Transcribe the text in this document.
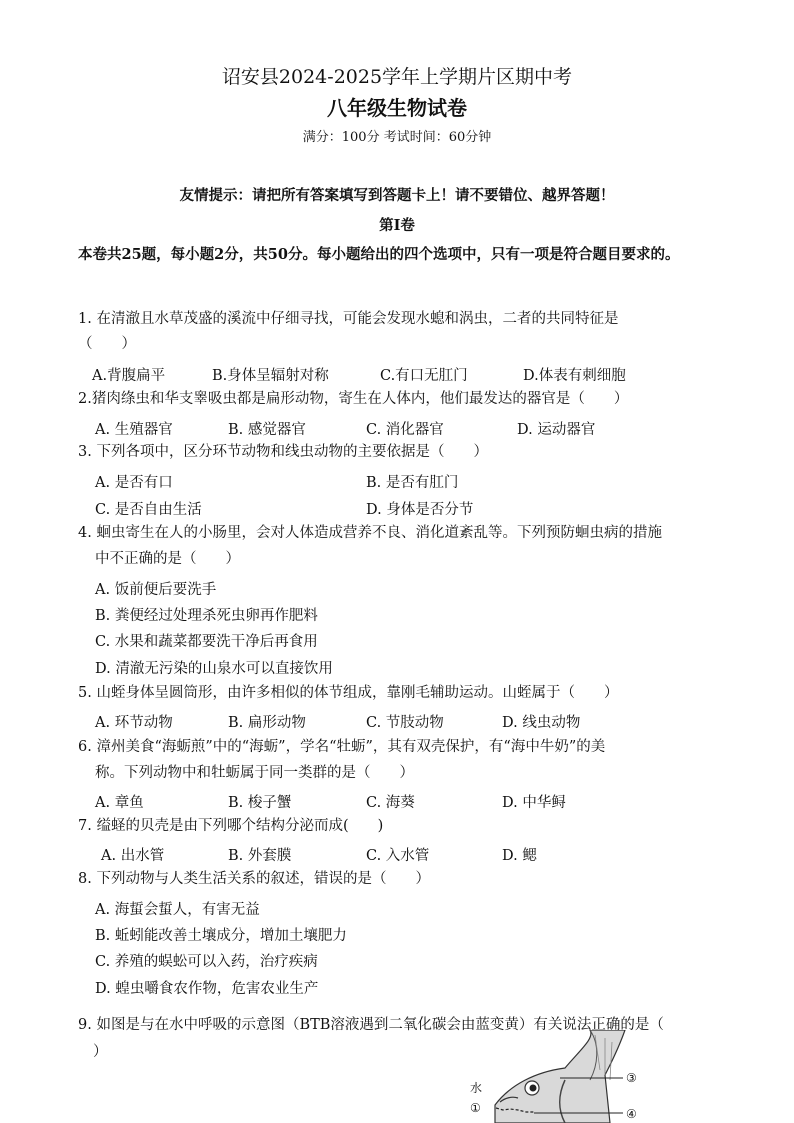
诏安县2024-2025学年上学期片区期中考
八年级生物试卷
满分：100分 考试时间：60分钟
友情提示：请把所有答案填写到答题卡上！请不要错位、越界答题！
第Ⅰ卷
本卷共25题，每小题2分，共50分。每小题给出的四个选项中，只有一项是符合题目要求的。
1. 在清澈且水草茂盛的溪流中仔细寻找，可能会发现水螅和涡虫，二者的共同特征是
（　　）
A.背腹扁平	B.身体呈辐射对称	C.有口无肛门	D.体表有刺细胞
2.猪肉绦虫和华支睾吸虫都是扁形动物，寄生在人体内，他们最发达的器官是（　　）
A. 生殖器官	B. 感觉器官	C. 消化器官	D. 运动器官
3. 下列各项中，区分环节动物和线虫动物的主要依据是（　　）
A. 是否有口	B. 是否有肛门
C. 是否自由生活	D. 身体是否分节
4. 蛔虫寄生在人的小肠里，会对人体造成营养不良、消化道紊乱等。下列预防蛔虫病的措施
中不正确的是（　　）
A. 饭前便后要洗手
B. 粪便经过处理杀死虫卵再作肥料
C. 水果和蔬菜都要洗干净后再食用
D. 清澈无污染的山泉水可以直接饮用
5. 山蛭身体呈圆筒形，由许多相似的体节组成，靠刚毛辅助运动。山蛭属于（　　）
A. 环节动物	B. 扁形动物	C. 节肢动物	D. 线虫动物
6. 漳州美食“海蛎煎”中的“海蛎”，学名“牡蛎”，其有双壳保护，有“海中牛奶”的美
称。下列动物中和牡蛎属于同一类群的是（　　）
A. 章鱼	B. 梭子蟹	C. 海葵	D. 中华鲟
7. 缢蛏的贝壳是由下列哪个结构分泌而成(　　)
A. 出水管	B. 外套膜	C. 入水管	D. 鳃
8. 下列动物与人类生活关系的叙述，错误的是（　　）
A. 海蜇会蜇人，有害无益
B. 蚯蚓能改善土壤成分，增加土壤肥力
C. 养殖的蜈蚣可以入药，治疗疾病
D. 蝗虫嚼食农作物，危害农业生产
9. 如图是与在水中呼吸的示意图（BTB溶液遇到二氧化碳会由蓝变黄）有关说法正确的是（
）
水
①
③
④
